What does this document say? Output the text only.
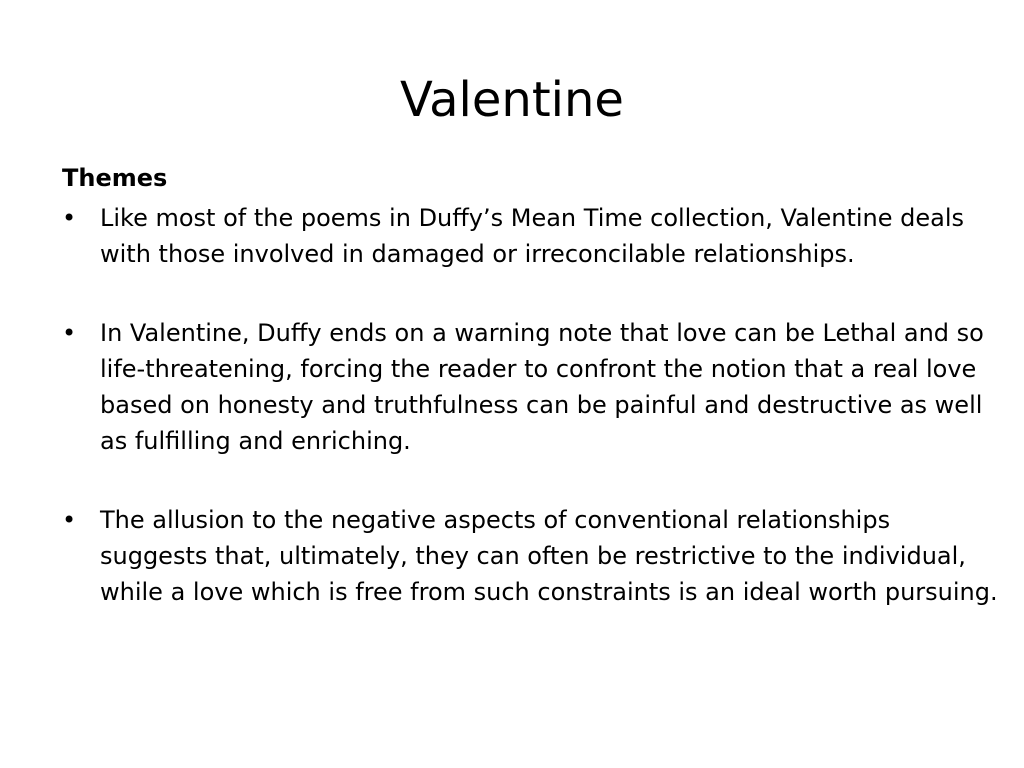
Valentine
Themes
• Like most of the poems in Duffy’s Mean Time collection, Valentine deals with those involved in damaged or irreconcilable relationships.
• In Valentine, Duffy ends on a warning note that love can be Lethal and so life-threatening, forcing the reader to confront the notion that a real love based on honesty and truthfulness can be painful and destructive as well as fulfilling and enriching.
• The allusion to the negative aspects of conventional relationships suggests that, ultimately, they can often be restrictive to the individual, while a love which is free from such constraints is an ideal worth pursuing.
